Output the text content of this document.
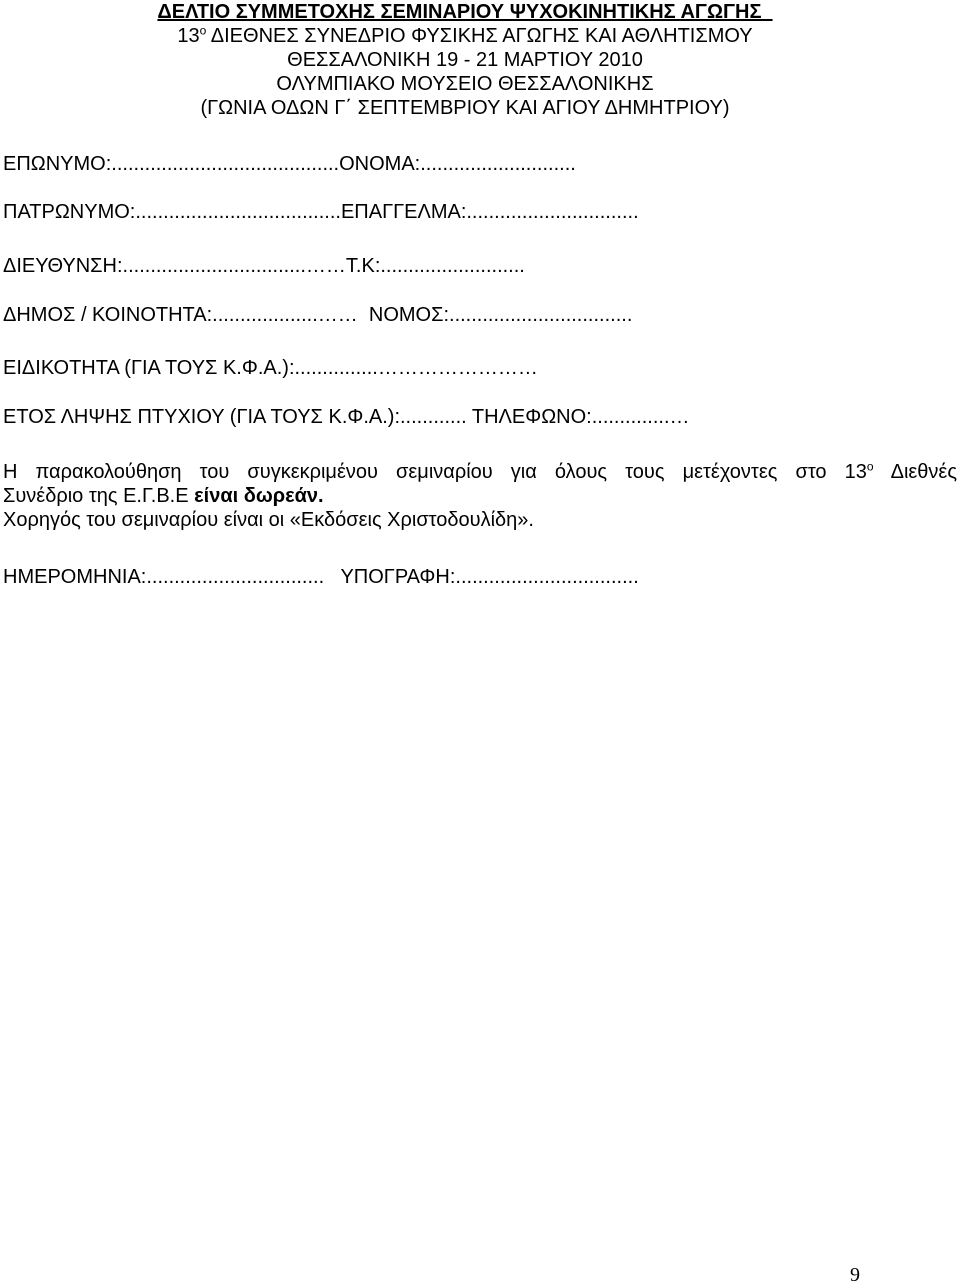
ΔΕΛΤΙΟ ΣΥΜΜΕΤΟΧΗΣ ΣΕΜΙΝΑΡΙΟΥ ΨΥΧΟΚΙΝΗΤΙΚΗΣ ΑΓΩΓΗΣ
$13^o$ ΔΙΕΘΝΕΣ ΣΥΝΕΔΡΙΟ ΦΥΣΙΚΗΣ ΑΓΩΓΗΣ ΚΑΙ ΑΘΛΗΤΙΣΜΟΥ
ΘΕΣΣΑΛΟΝΙΚΗ 19 - 21 ΜΑΡΤΙΟΥ 2010
ΟΛΥΜΠΙΑΚΟ ΜΟΥΣΕΙΟ ΘΕΣΣΑΛΟΝΙΚΗΣ
(ΓΩΝΙΑ ΟΔΩΝ Γ΄ ΣΕΠΤΕΜΒΡΙΟΥ ΚΑΙ ΑΓΙΟΥ ΔΗΜΗΤΡΙΟΥ)
ΕΠΩΝΥΜΟ:.........................................ΟΝΟΜΑ:............................
ΠΑΤΡΩΝΥΜΟ:.....................................ΕΠΑΓΓΕΛΜΑ:...............................
ΔΙΕΥΘΥΝΣΗ:.................................……Τ.Κ:..........................
ΔΗΜΟΣ / ΚΟΙΝΟΤΗΤΑ:...................……  ΝΟΜΟΣ:.................................
ΕΙΔΙΚΟΤΗΤΑ (ΓΙΑ ΤΟΥΣ Κ.Φ.Α.):...............……………………
ΕΤΟΣ ΛΗΨΗΣ ΠΤΥΧΙΟΥ (ΓΙΑ ΤΟΥΣ Κ.Φ.Α.):............ ΤΗΛΕΦΩΝΟ:..............…
Η παρακολούθηση του συγκεκριμένου σεμιναρίου για όλους τους μετέχοντες στο $13^o$ Διεθνές
Συνέδριο της Ε.Γ.Β.Ε είναι δωρεάν.
Χορηγός του σεμιναρίου είναι οι «Εκδόσεις Χριστοδουλίδη».
ΗΜΕΡΟΜΗΝΙΑ:................................   ΥΠΟΓΡΑΦΗ:.................................
9
